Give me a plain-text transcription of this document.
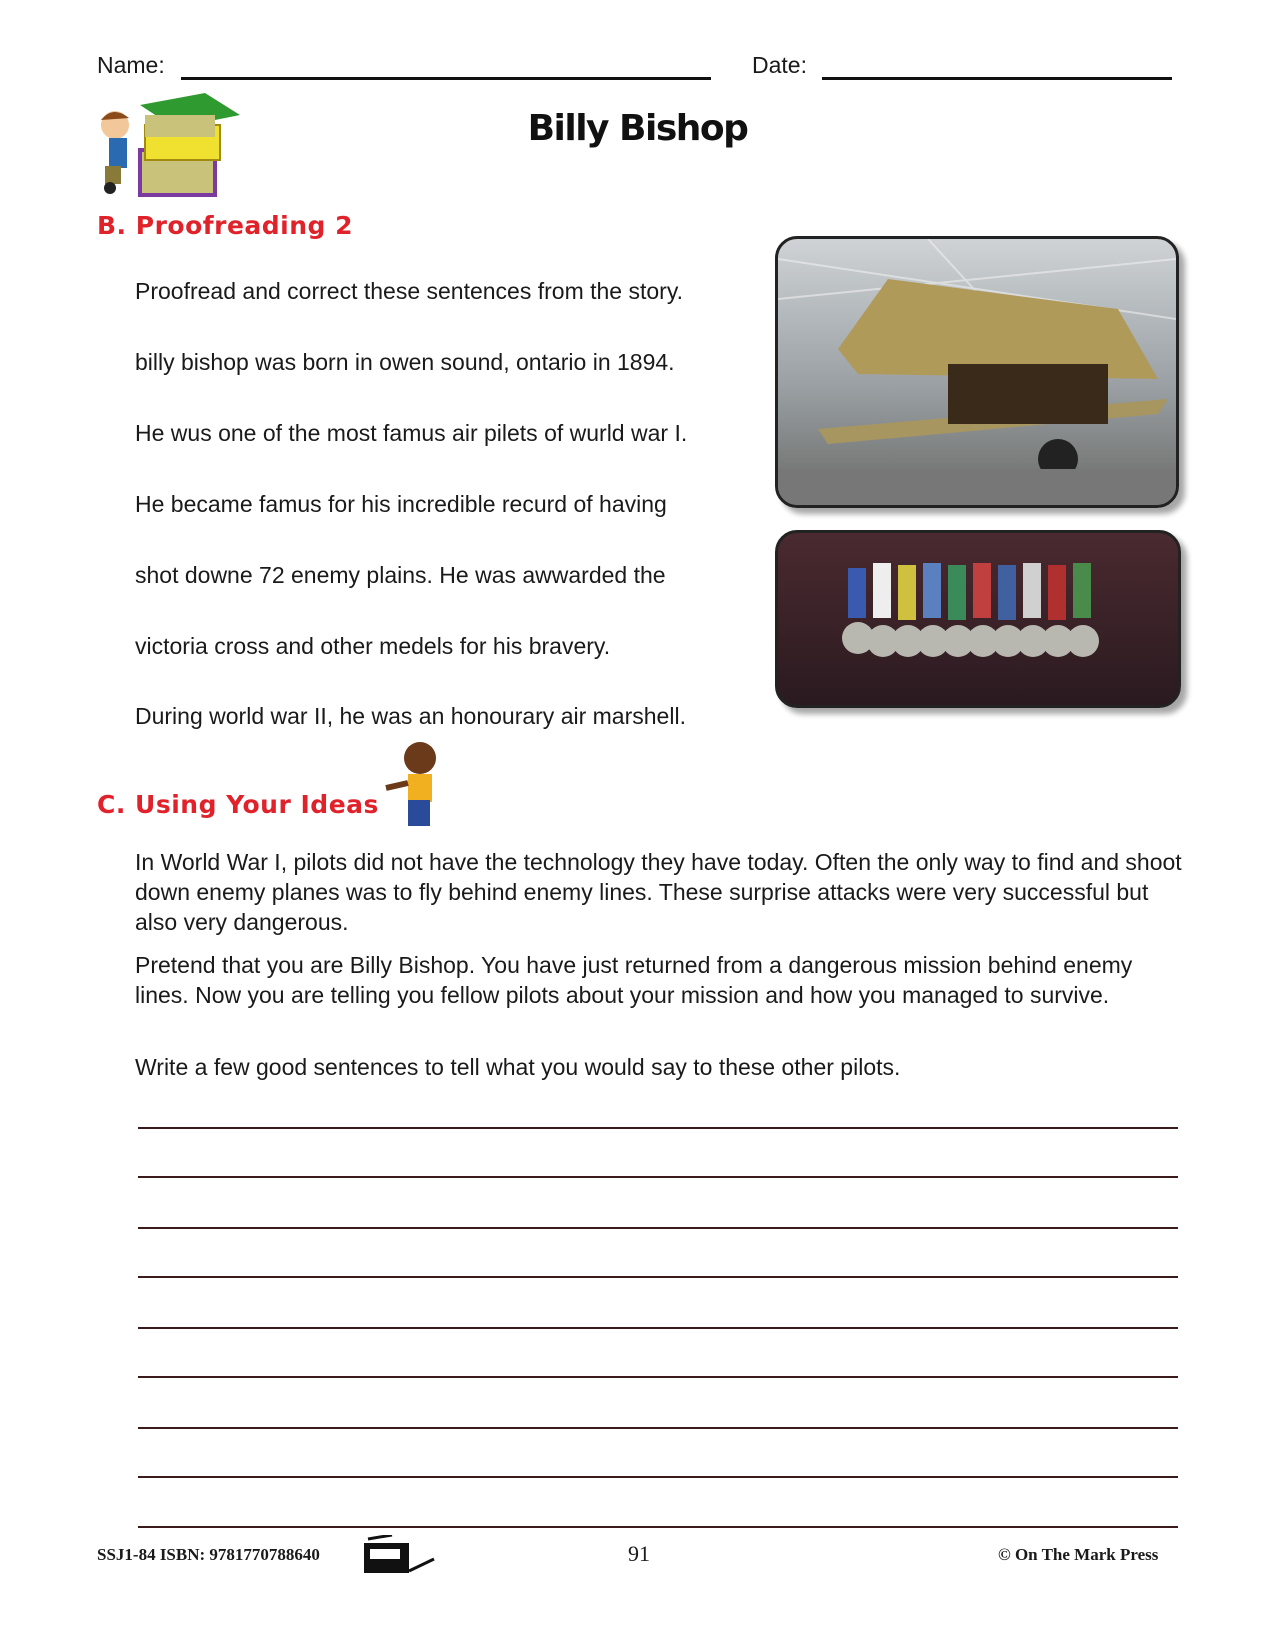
Name:	Date:
Billy Bishop
B. Proofreading 2
Proofread and correct these sentences from the story.
billy bishop was born in owen sound, ontario in 1894.
He wus one of the most famus air pilets of wurld war I.
He became famus for his incredible recurd of having
shot downe 72 enemy plains. He was awwarded the
victoria cross and other medels for his bravery.
During world war II, he was an honourary air marshell.
C. Using Your Ideas
In World War I, pilots did not have the technology they have today. Often the only way to find and shoot down enemy planes was to fly behind enemy lines. These surprise attacks were very successful but also very dangerous.
Pretend that you are Billy Bishop. You have just returned from a dangerous mission behind enemy lines. Now you are telling you fellow pilots about your mission and how you managed to survive.
Write a few good sentences to tell what you would say to these other pilots.
SSJ1-84 ISBN: 9781770788640	91	© On The Mark Press
